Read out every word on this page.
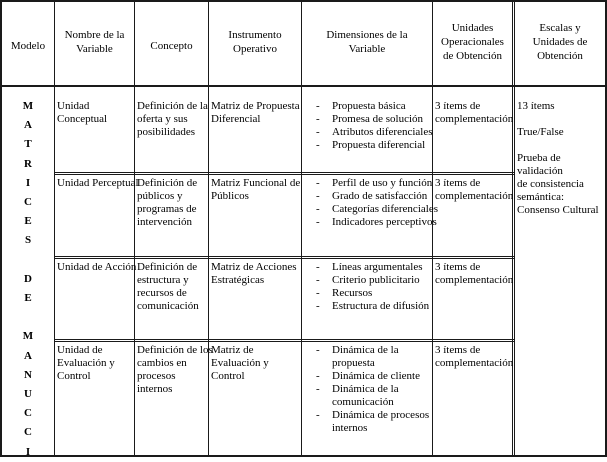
Modelo
Nombre de la
Variable	Concepto
Instrumento
Operativo
Dimensiones de la
Variable
Unidades
Operacionales
de Obtención
Escalas y
Unidades de
Obtención
M
A
T
R
I
C
E
S
D
E
M
A
N
U
C
C
I
Unidad
Conceptual
Definición de la
oferta y sus
posibilidades
Matriz de Propuesta
Diferencial
- Propuesta básica
- Promesa de solución
- Atributos diferenciales
- Propuesta diferencial
3 ítems de
complementación
Unidad Perceptual
Definición de
públicos y
programas de
intervención
Matriz Funcional de
Públicos
- Perfil de uso y función
- Grado de satisfacción
- Categorías diferenciales
- Indicadores perceptivos
3 ítems de
complementación
Unidad de Acción Definición de
estructura y
recursos de
comunicación
Matriz de Acciones
Estratégicas
- Líneas argumentales
- Criterio publicitario
- Recursos
- Estructura de difusión
3 ítems de
complementación
Unidad de
Evaluación y
Control
Definición de los
cambios en
procesos
internos
Matriz de
Evaluación y
Control
- Dinámica de la
propuesta
- Dinámica de cliente
- Dinámica de la
comunicación
- Dinámica de procesos
internos
3 ítems de
complementación
13 ítems
True/False
Prueba de validación
de consistencia
semántica:
Consenso Cultural
